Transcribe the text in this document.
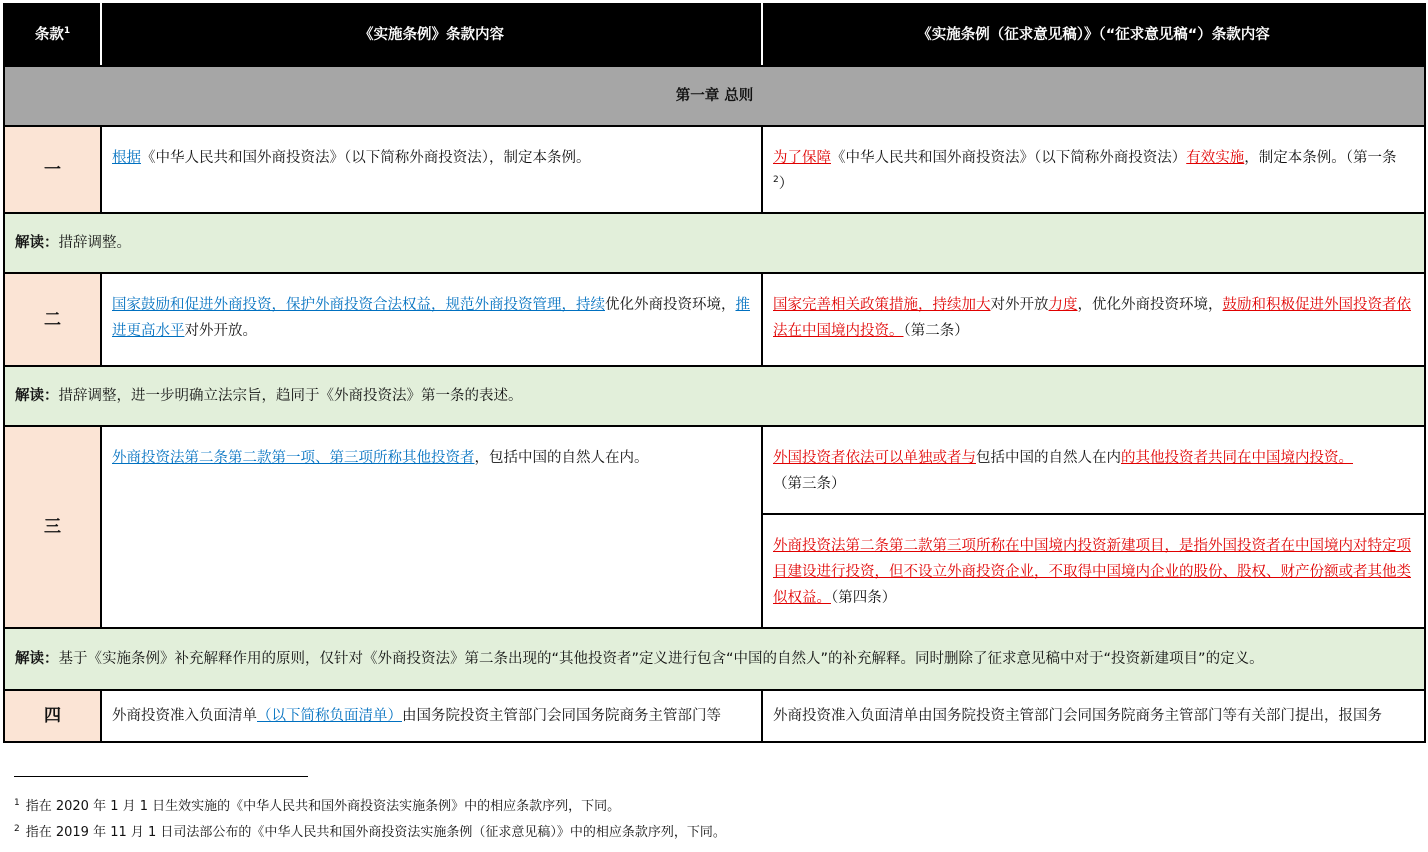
条款$^1$	《实施条例》条款内容	《实施条例（征求意见稿）》（“征求意见稿“）条款内容
第一章 总则		
一	根据《中华人民共和国外商投资法》（以下简称外商投资法），制定本条例。	为了保障《中华人民共和国外商投资法》（以下简称外商投资法）有效实施，制定本条例。（第一条$^2$）
解读：措辞调整。		
二	国家鼓励和促进外商投资，保护外商投资合法权益，规范外商投资管理，持续优化外商投资环境，推进更高水平对外开放。	国家完善相关政策措施，持续加大对外开放力度，优化外商投资环境，鼓励和积极促进外国投资者依法在中国境内投资。（第二条）
解读：措辞调整，进一步明确立法宗旨，趋同于《外商投资法》第一条的表述。		
三	外商投资法第二条第二款第一项、第三项所称其他投资者，包括中国的自然人在内。	外国投资者依法可以单独或者与包括中国的自然人在内的其他投资者共同在中国境内投资。（第三条）
		外商投资法第二条第二款第三项所称在中国境内投资新建项目，是指外国投资者在中国境内对特定项目建设进行投资，但不设立外商投资企业，不取得中国境内企业的股份、股权、财产份额或者其他类似权益。（第四条）
解读：基于《实施条例》补充解释作用的原则，仅针对《外商投资法》第二条出现的“其他投资者”定义进行包含“中国的自然人”的补充解释。同时删除了征求意见稿中对于“投资新建项目”的定义。		
四	外商投资准入负面清单（以下简称负面清单）由国务院投资主管部门会同国务院商务主管部门等	外商投资准入负面清单由国务院投资主管部门会同国务院商务主管部门等有关部门提出，报国务
$^1$ 指在 2020 年 1 月 1 日生效实施的《中华人民共和国外商投资法实施条例》中的相应条款序列，下同。
$^2$ 指在 2019 年 11 月 1 日司法部公布的《中华人民共和国外商投资法实施条例（征求意见稿）》中的相应条款序列，下同。
